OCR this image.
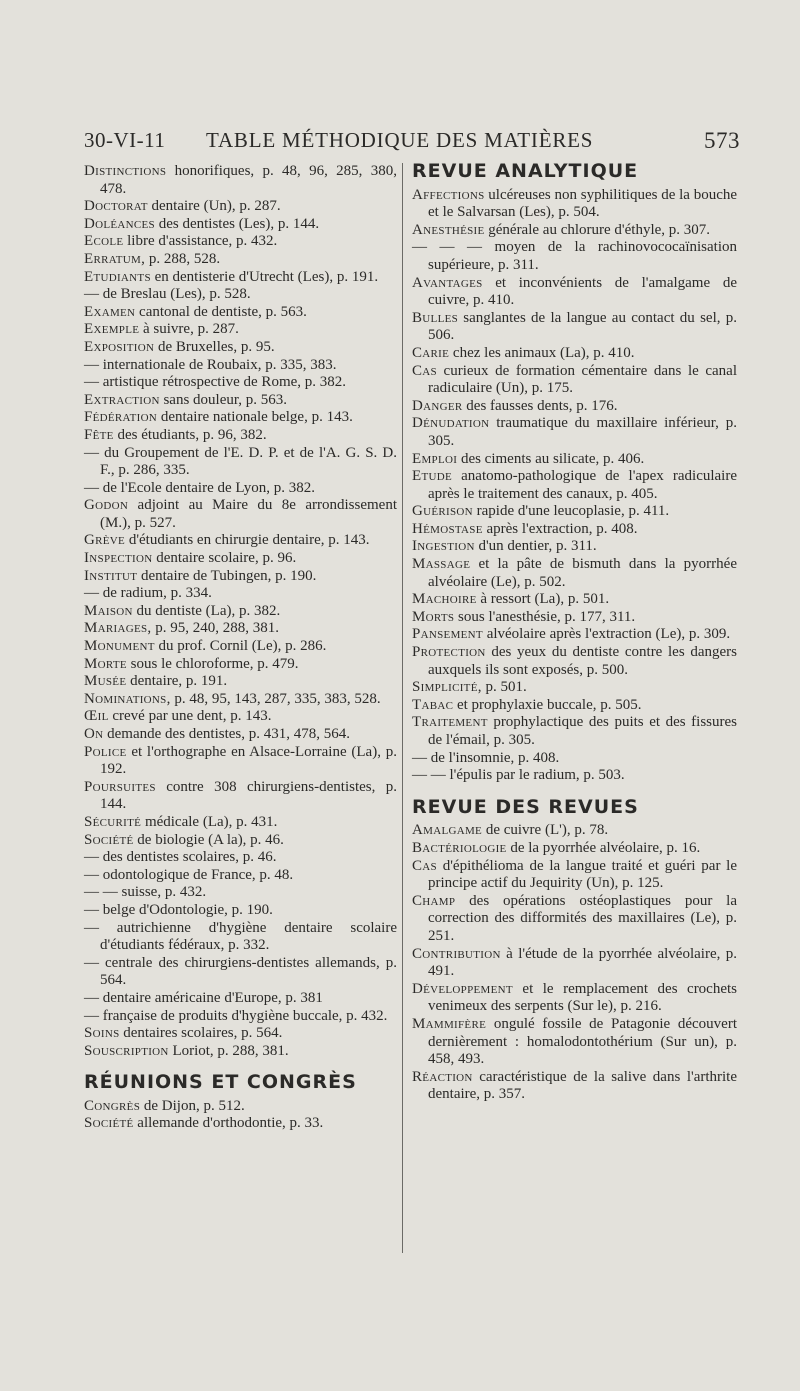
30-VI-11 TABLE MÉTHODIQUE DES MATIÈRES	573

Distinctions honorifiques, p. 48, 96, 285, 380, 478.

Doctorat dentaire (Un), p. 287.

Doléances des dentistes (Les), p. 144.

Ecole libre d'assistance, p. 432.

Erratum, p. 288, 528.

Etudiants en dentisterie d'Utrecht (Les), p. 191.

— de Breslau (Les), p. 528.

Examen cantonal de dentiste, p. 563.

Exemple à suivre, p. 287.

Exposition de Bruxelles, p. 95.

— internationale de Roubaix, p. 335, 383.

— artistique rétrospective de Rome, p. 382.

Extraction sans douleur, p. 563.

Fédération dentaire nationale belge, p. 143.

Fête des étudiants, p. 96, 382.

— du Groupement de l'E. D. P. et de l'A. G. S. D. F., p. 286, 335.

— de l'Ecole dentaire de Lyon, p. 382.

Godon adjoint au Maire du 8e arrondissement (M.), p. 527.

Grève d'étudiants en chirurgie dentaire, p. 143.

Inspection dentaire scolaire, p. 96.

Institut dentaire de Tubingen, p. 190.

— de radium, p. 334.

Maison du dentiste (La), p. 382.

Mariages, p. 95, 240, 288, 381.

Monument du prof. Cornil (Le), p. 286.

Morte sous le chloroforme, p. 479.

Musée dentaire, p. 191.

Nominations, p. 48, 95, 143, 287, 335, 383, 528.

Œil crevé par une dent, p. 143.

On demande des dentistes, p. 431, 478, 564.

Police et l'orthographe en Alsace-Lorraine (La), p. 192.

Poursuites contre 308 chirurgiens-dentistes, p. 144.

Sécurité médicale (La), p. 431.

Société de biologie (A la), p. 46.

— des dentistes scolaires, p. 46.

— odontologique de France, p. 48.

— — suisse, p. 432.

— belge d'Odontologie, p. 190.

— autrichienne d'hygiène dentaire scolaire d'étudiants fédéraux, p. 332.

— centrale des chirurgiens-dentistes allemands, p. 564.

— dentaire américaine d'Europe, p. 381

— française de produits d'hygiène buccale, p. 432.

Soins dentaires scolaires, p. 564.

Souscription Loriot, p. 288, 381.

RÉUNIONS ET CONGRÈS

Congrès de Dijon, p. 512.

Société allemande d'orthodontie, p. 33.

REVUE ANALYTIQUE

Affections ulcéreuses non syphilitiques de la bouche et le Salvarsan (Les), p. 504.

Anesthésie générale au chlorure d'éthyle, p. 307.

— — — moyen de la rachinovococaïnisation supérieure, p. 311.

Avantages et inconvénients de l'amalgame de cuivre, p. 410.

Bulles sanglantes de la langue au contact du sel, p. 506.

Carie chez les animaux (La), p. 410.

Cas curieux de formation cémentaire dans le canal radiculaire (Un), p. 175.

Danger des fausses dents, p. 176.

Dénudation traumatique du maxillaire inférieur, p. 305.

Emploi des ciments au silicate, p. 406.

Etude anatomo-pathologique de l'apex radiculaire après le traitement des canaux, p. 405.

Guérison rapide d'une leucoplasie, p. 411.

Hémostase après l'extraction, p. 408.

Ingestion d'un dentier, p. 311.

Massage et la pâte de bismuth dans la pyorrhée alvéolaire (Le), p. 502.

Machoire à ressort (La), p. 501.

Morts sous l'anesthésie, p. 177, 311.

Pansement alvéolaire après l'extraction (Le), p. 309.

Protection des yeux du dentiste contre les dangers auxquels ils sont exposés, p. 500.

Simplicité, p. 501.

Tabac et prophylaxie buccale, p. 505.

Traitement prophylactique des puits et des fissures de l'émail, p. 305.

— de l'insomnie, p. 408.

— — l'épulis par le radium, p. 503.

REVUE DES REVUES

Amalgame de cuivre (L'), p. 78.

Bactériologie de la pyorrhée alvéolaire, p. 16.

Cas d'épithélioma de la langue traité et guéri par le principe actif du Jequirity (Un), p. 125.

Champ des opérations ostéoplastiques pour la correction des difformités des maxillaires (Le), p. 251.

Contribution à l'étude de la pyorrhée alvéolaire, p. 491.

Développement et le remplacement des crochets venimeux des serpents (Sur le), p. 216.

Mammifère ongulé fossile de Patagonie découvert dernièrement : homalodontothérium (Sur un), p. 458, 493.

Réaction caractéristique de la salive dans l'arthrite dentaire, p. 357.
